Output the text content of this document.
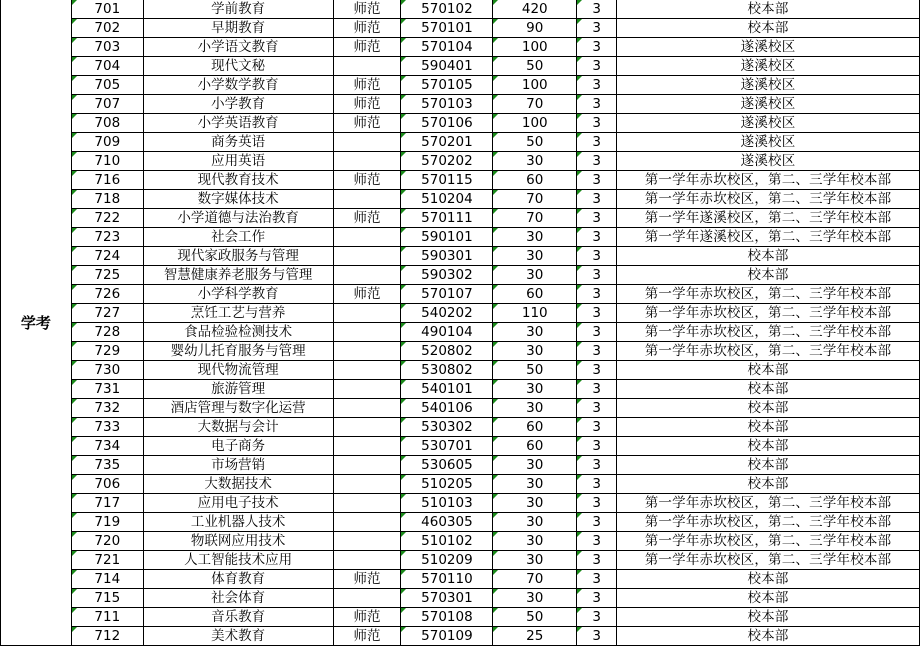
学考	701	学前教育	师范	570102	420	3	校本部
	702	早期教育	师范	570101	90	3	校本部
	703	小学语文教育	师范	570104	100	3	遂溪校区
	704	现代文秘		590401	50	3	遂溪校区
	705	小学数学教育	师范	570105	100	3	遂溪校区
	707	小学教育	师范	570103	70	3	遂溪校区
	708	小学英语教育	师范	570106	100	3	遂溪校区
	709	商务英语		570201	50	3	遂溪校区
	710	应用英语		570202	30	3	遂溪校区
	716	现代教育技术	师范	570115	60	3	第一学年赤坎校区，第二、三学年校本部
	718	数字媒体技术		510204	70	3	第一学年赤坎校区，第二、三学年校本部
	722	小学道德与法治教育	师范	570111	70	3	第一学年遂溪校区，第二、三学年校本部
	723	社会工作		590101	30	3	第一学年遂溪校区，第二、三学年校本部
	724	现代家政服务与管理		590301	30	3	校本部
	725	智慧健康养老服务与管理		590302	30	3	校本部
	726	小学科学教育	师范	570107	60	3	第一学年赤坎校区，第二、三学年校本部
	727	烹饪工艺与营养		540202	110	3	第一学年赤坎校区，第二、三学年校本部
	728	食品检验检测技术		490104	30	3	第一学年赤坎校区，第二、三学年校本部
	729	婴幼儿托育服务与管理		520802	30	3	第一学年赤坎校区，第二、三学年校本部
	730	现代物流管理		530802	50	3	校本部
	731	旅游管理		540101	30	3	校本部
	732	酒店管理与数字化运营		540106	30	3	校本部
	733	大数据与会计		530302	60	3	校本部
	734	电子商务		530701	60	3	校本部
	735	市场营销		530605	30	3	校本部
	706	大数据技术		510205	30	3	校本部
	717	应用电子技术		510103	30	3	第一学年赤坎校区，第二、三学年校本部
	719	工业机器人技术		460305	30	3	第一学年赤坎校区，第二、三学年校本部
	720	物联网应用技术		510102	30	3	第一学年赤坎校区，第二、三学年校本部
	721	人工智能技术应用		510209	30	3	第一学年赤坎校区，第二、三学年校本部
	714	体育教育	师范	570110	70	3	校本部
	715	社会体育		570301	30	3	校本部
	711	音乐教育	师范	570108	50	3	校本部
	712	美术教育	师范	570109	25	3	校本部
